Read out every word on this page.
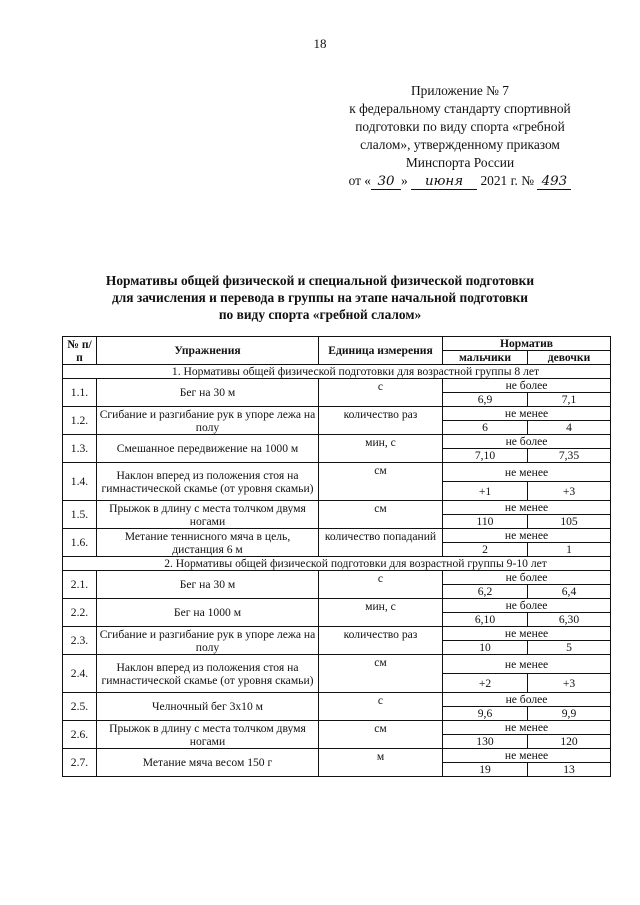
18
Приложение № 7
к федеральному стандарту спортивной
подготовки по виду спорта «гребной
слалом», утвержденному приказом
Минспорта России
от « 30 » июня 2021 г. № 493
Нормативы общей физической и специальной физической подготовки
для зачисления и перевода в группы на этапе начальной подготовки
по виду спорта «гребной слалом»
№ п/п	Упражнения	Единица измерения	Норматив	
			мальчики	девочки
1. Нормативы общей физической подготовки для возрастной группы 8 лет				
1.1.	Бег на 30 м	с	не более	
			6,9	7,1
1.2.	Сгибание и разгибание рук в упоре лежа на полу	количество раз	не менее	
			6	4
1.3.	Смешанное передвижение на 1000 м	мин, с	не более	
			7,10	7,35
1.4.	Наклон вперед из положения стоя на гимнастической скамье (от уровня скамьи)	см	не менее	
			+1	+3
1.5.	Прыжок в длину с места толчком двумя ногами	см	не менее	
			110	105
1.6.	Метание теннисного мяча в цель, дистанция 6 м	количество попаданий	не менее	
			2	1
2. Нормативы общей физической подготовки для возрастной группы 9-10 лет				
2.1.	Бег на 30 м	с	не более	
			6,2	6,4
2.2.	Бег на 1000 м	мин, с	не более	
			6,10	6,30
2.3.	Сгибание и разгибание рук в упоре лежа на полу	количество раз	не менее	
			10	5
2.4.	Наклон вперед из положения стоя на гимнастической скамье (от уровня скамьи)	см	не менее	
			+2	+3
2.5.	Челночный бег 3х10 м	с	не более	
			9,6	9,9
2.6.	Прыжок в длину с места толчком двумя ногами	см	не менее	
			130	120
2.7.	Метание мяча весом 150 г	м	не менее	
			19	13
